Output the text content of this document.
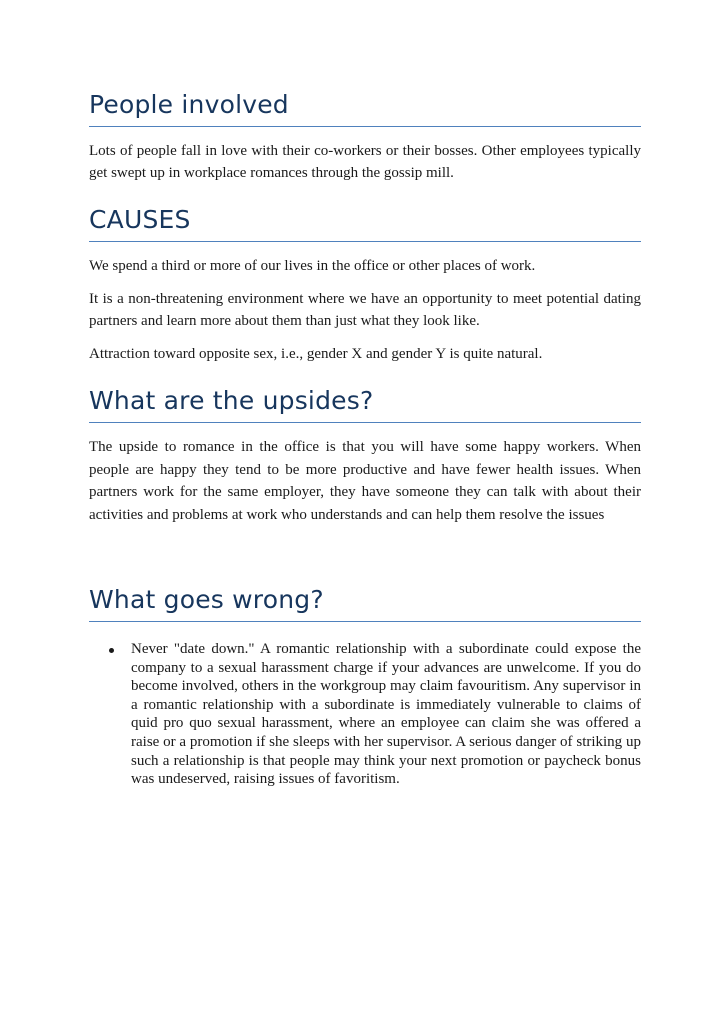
People involved

Lots of people fall in love with their co-workers or their bosses. Other employees typically get swept up in workplace romances through the gossip mill.

CAUSES

We spend a third or more of our lives in the office or other places of work.

It is a non-threatening environment where we have an opportunity to meet potential dating partners and learn more about them than just what they look like.

Attraction toward opposite sex, i.e., gender X and gender Y is quite natural.

What are the upsides?

The upside to romance in the office is that you will have some happy workers. When people are happy they tend to be more productive and have fewer health issues. When partners work for the same employer, they have someone they can talk with about their activities and problems at work who understands and can help them resolve the issues

What goes wrong?
Never "date down." A romantic relationship with a subordinate could expose the company to a sexual harassment charge if your advances are unwelcome. If you do become involved, others in the workgroup may claim favouritism. Any supervisor in a romantic relationship with a subordinate is immediately vulnerable to claims of quid pro quo sexual harassment, where an employee can claim she was offered a raise or a promotion if she sleeps with her supervisor. A serious danger of striking up such a relationship is that people may think your next promotion or paycheck bonus was undeserved, raising issues of favoritism.
